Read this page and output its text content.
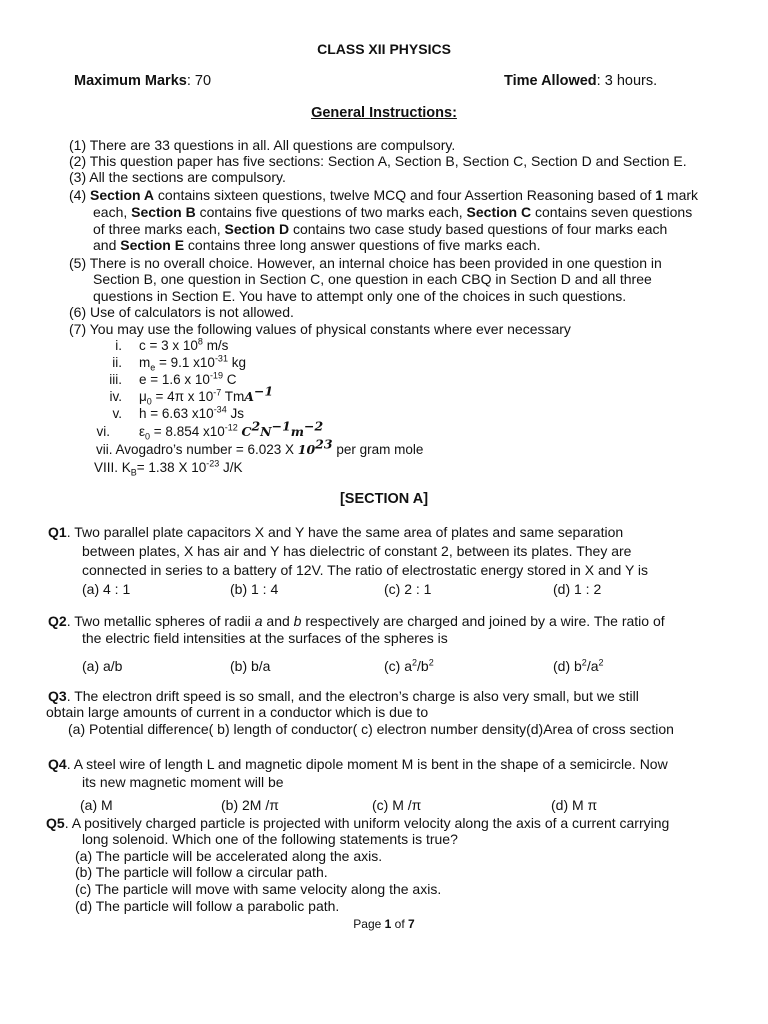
CLASS XII PHYSICS
Maximum Marks: 70	Time Allowed: 3 hours.
General Instructions:
(1) There are 33 questions in all. All questions are compulsory.
(2) This question paper has five sections: Section A, Section B, Section C, Section D and Section E.
(3) All the sections are compulsory.
(4) Section A contains sixteen questions, twelve MCQ and four Assertion Reasoning based of 1 mark
each, Section B contains five questions of two marks each, Section C contains seven questions
of three marks each, Section D contains two case study based questions of four marks each
and Section E contains three long answer questions of five marks each.
(5) There is no overall choice. However, an internal choice has been provided in one question in
Section B, one question in Section C, one question in each CBQ in Section D and all three
questions in Section E. You have to attempt only one of the choices in such questions.
(6) Use of calculators is not allowed.
(7) You may use the following values of physical constants where ever necessary
i. c = 3 x $10^8$ m/s
ii. $m_e = 9.1$ $x10^{-31}$ kg
iii. e = 1.6 x $10^{-19}$ C
iv. $\mu_0 = 4\pi$ x $10^{-7}$ TmA$^{-1}$
v. h = 6.63 $x10^{-34}$ Js
vi. $\varepsilon_0 = 8.854$ $x10^{-12}$ $C^2N^{-1}m^{-2}$
vii. Avogadro’s number = 6.023 X $10^{23}$ per gram mole
VIII. $K_B= 1.38$ X $10^{-23}$ J/K
[SECTION A]
Q1. Two parallel plate capacitors X and Y have the same area of plates and same separation
between plates, X has air and Y has dielectric of constant 2, between its plates. They are
connected in series to a battery of 12V. The ratio of electrostatic energy stored in X and Y is
(a) 4 : 1	(b) 1 : 4	(c) 2 : 1	(d) 1 : 2
Q2. Two metallic spheres of radii a and b respectively are charged and joined by a wire. The ratio of
the electric field intensities at the surfaces of the spheres is
(a) a/b	(b) b/a	(c) $a^2/b^2$	(d) $b^2/a^2$
Q3. The electron drift speed is so small, and the electron’s charge is also very small, but we still
obtain large amounts of current in a conductor which is due to
(a) Potential difference( b) length of conductor( c) electron number density(d)Area of cross section
Q4. A steel wire of length L and magnetic dipole moment M is bent in the shape of a semicircle. Now
its new magnetic moment will be
(a) M	(b) 2M /π	(c) M /π	(d) M π
Q5. A positively charged particle is projected with uniform velocity along the axis of a current carrying
long solenoid. Which one of the following statements is true?
(a) The particle will be accelerated along the axis.
(b) The particle will follow a circular path.
(c) The particle will move with same velocity along the axis.
(d) The particle will follow a parabolic path.
Page 1 of 7
